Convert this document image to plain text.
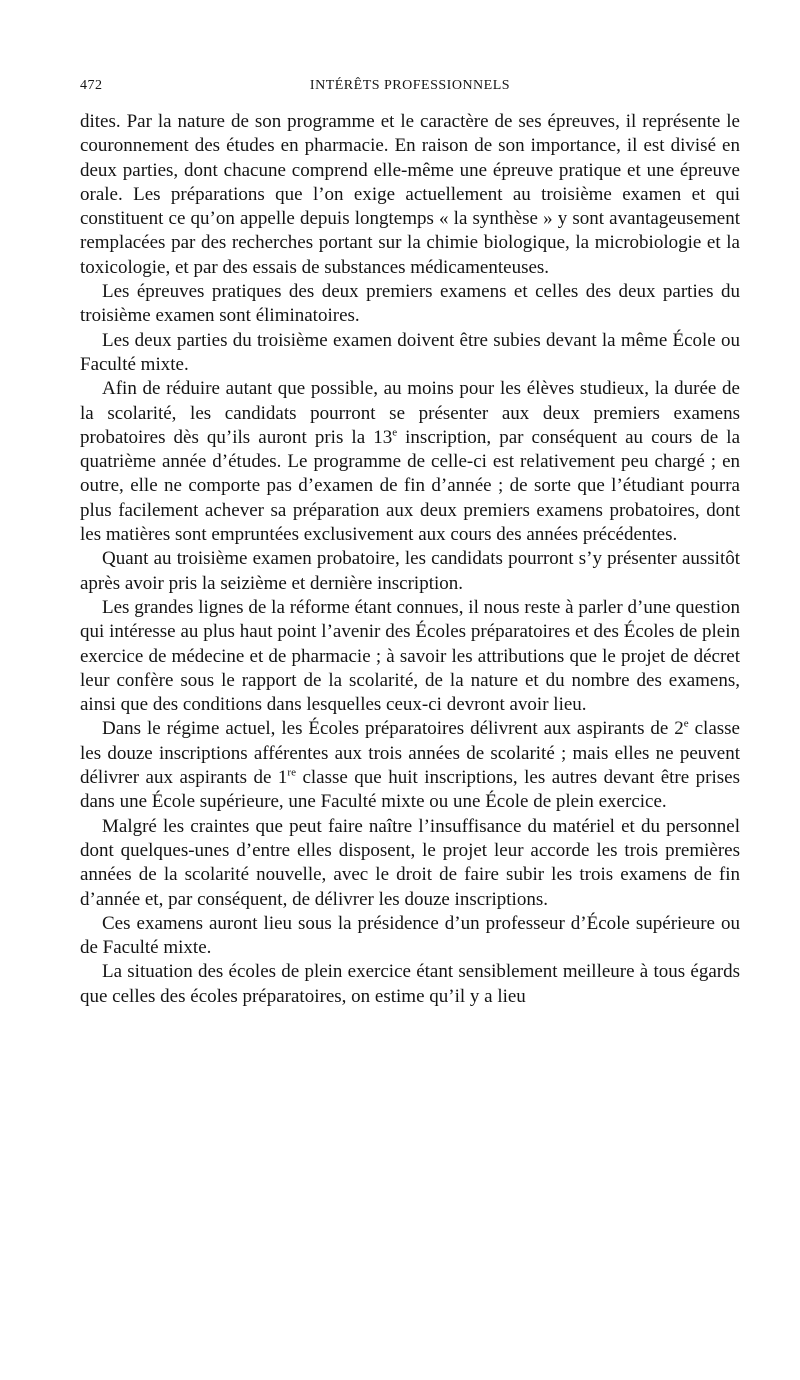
472	INTÉRÊTS PROFESSIONNELS

dites. Par la nature de son programme et le caractère de ses épreuves, il représente le couronnement des études en pharmacie. En raison de son importance, il est divisé en deux parties, dont chacune comprend elle-même une épreuve pratique et une épreuve orale. Les préparations que l’on exige actuellement au troisième examen et qui constituent ce qu’on appelle depuis longtemps « la synthèse » y sont avantageusement remplacées par des recherches portant sur la chimie biologique, la microbiologie et la toxicologie, et par des essais de substances médicamenteuses.

Les épreuves pratiques des deux premiers examens et celles des deux parties du troisième examen sont éliminatoires.

Les deux parties du troisième examen doivent être subies devant la même École ou Faculté mixte.

Afin de réduire autant que possible, au moins pour les élèves studieux, la durée de la scolarité, les candidats pourront se présenter aux deux premiers examens probatoires dès qu’ils auront pris la 13e inscription, par conséquent au cours de la quatrième année d’études. Le programme de celle-ci est relativement peu chargé ; en outre, elle ne comporte pas d’examen de fin d’année ; de sorte que l’étudiant pourra plus facilement achever sa préparation aux deux premiers examens probatoires, dont les matières sont empruntées exclusivement aux cours des années précédentes.

Quant au troisième examen probatoire, les candidats pourront s’y présenter aussitôt après avoir pris la seizième et dernière inscription.

Les grandes lignes de la réforme étant connues, il nous reste à parler d’une question qui intéresse au plus haut point l’avenir des Écoles préparatoires et des Écoles de plein exercice de médecine et de pharmacie ; à savoir les attributions que le projet de décret leur confère sous le rapport de la scolarité, de la nature et du nombre des examens, ainsi que des conditions dans lesquelles ceux-ci devront avoir lieu.

Dans le régime actuel, les Écoles préparatoires délivrent aux aspirants de 2e classe les douze inscriptions afférentes aux trois années de scolarité ; mais elles ne peuvent délivrer aux aspirants de 1re classe que huit inscriptions, les autres devant être prises dans une École supérieure, une Faculté mixte ou une École de plein exercice.

Malgré les craintes que peut faire naître l’insuffisance du matériel et du personnel dont quelques-unes d’entre elles disposent, le projet leur accorde les trois premières années de la scolarité nouvelle, avec le droit de faire subir les trois examens de fin d’année et, par conséquent, de délivrer les douze inscriptions.

Ces examens auront lieu sous la présidence d’un professeur d’École supérieure ou de Faculté mixte.

La situation des écoles de plein exercice étant sensiblement meilleure à tous égards que celles des écoles préparatoires, on estime qu’il y a lieu
